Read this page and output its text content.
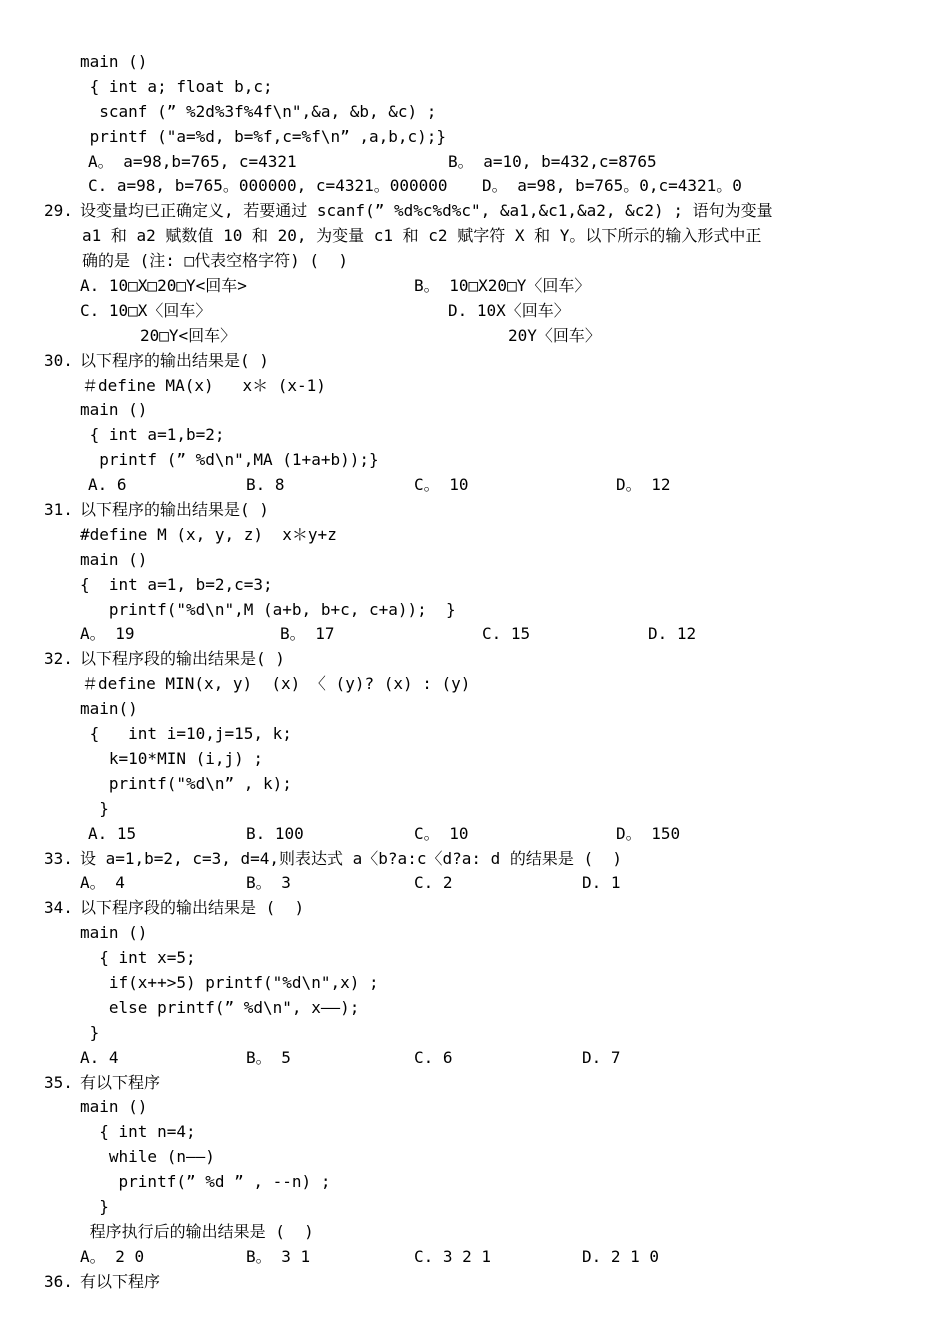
main ()
{ int a; float b,c;
scanf (” %2d%3f%4f\n",&a, &b, &c) ;
printf ("a=%d, b=%f,c=%f\n” ,a,b,c);}
A。 a=98,b=765, c=4321	B。 a=10, b=432,c=8765
C. a=98, b=765。000000, c=4321。000000 D。 a=98, b=765。0,c=4321。0
29. 设变量均已正确定义, 若要通过 scanf(” %d%c%d%c", &a1,&c1,&a2, &c2) ; 语句为变量
a1 和 a2 赋数值 10 和 20, 为变量 c1 和 c2 赋字符 X 和 Y。以下所示的输入形式中正
确的是 (注: □代表空格字符) (  )
A. 10□X□20□Y<回车>	B。 10□X20□Y〈回车〉
C. 10□X〈回车〉	D. 10X〈回车〉
20□Y<回车〉	20Y〈回车〉
30. 以下程序的输出结果是( )
＃define MA(x)   x＊ (x-1)
main ()
{ int a=1,b=2;
printf (” %d\n",MA (1+a+b));}
A. 6	B. 8	C。 10	D。 12
31. 以下程序的输出结果是( )
#define M (x, y, z)  x＊y+z
main ()
{  int a=1, b=2,c=3;
printf("%d\n",M (a+b, b+c, c+a));  }
A。 19	B。 17	C. 15	D. 12
32. 以下程序段的输出结果是( )
＃define MIN(x, y)  (x) 〈 (y)? (x) : (y)
main()
{   int i=10,j=15, k;
k=10*MIN (i,j) ;
printf("%d\n” , k);
}
A. 15	B. 100	C。 10	D。 150
33. 设 a=1,b=2, c=3, d=4,则表达式 a〈b?a:c〈d?a: d 的结果是 (  )
A。 4	B。 3	C. 2	D. 1
34. 以下程序段的输出结果是 (  )
main ()
{ int x=5;
if(x++>5) printf("%d\n",x) ;
else printf(” %d\n", x——);
}
A. 4	B。 5	C. 6	D. 7
35. 有以下程序
main ()
{ int n=4;
while (n——)
printf(” %d ” , --n) ;
}
程序执行后的输出结果是 (  )
A。 2 0	B。 3 1	C. 3 2 1	D. 2 1 0
36. 有以下程序
